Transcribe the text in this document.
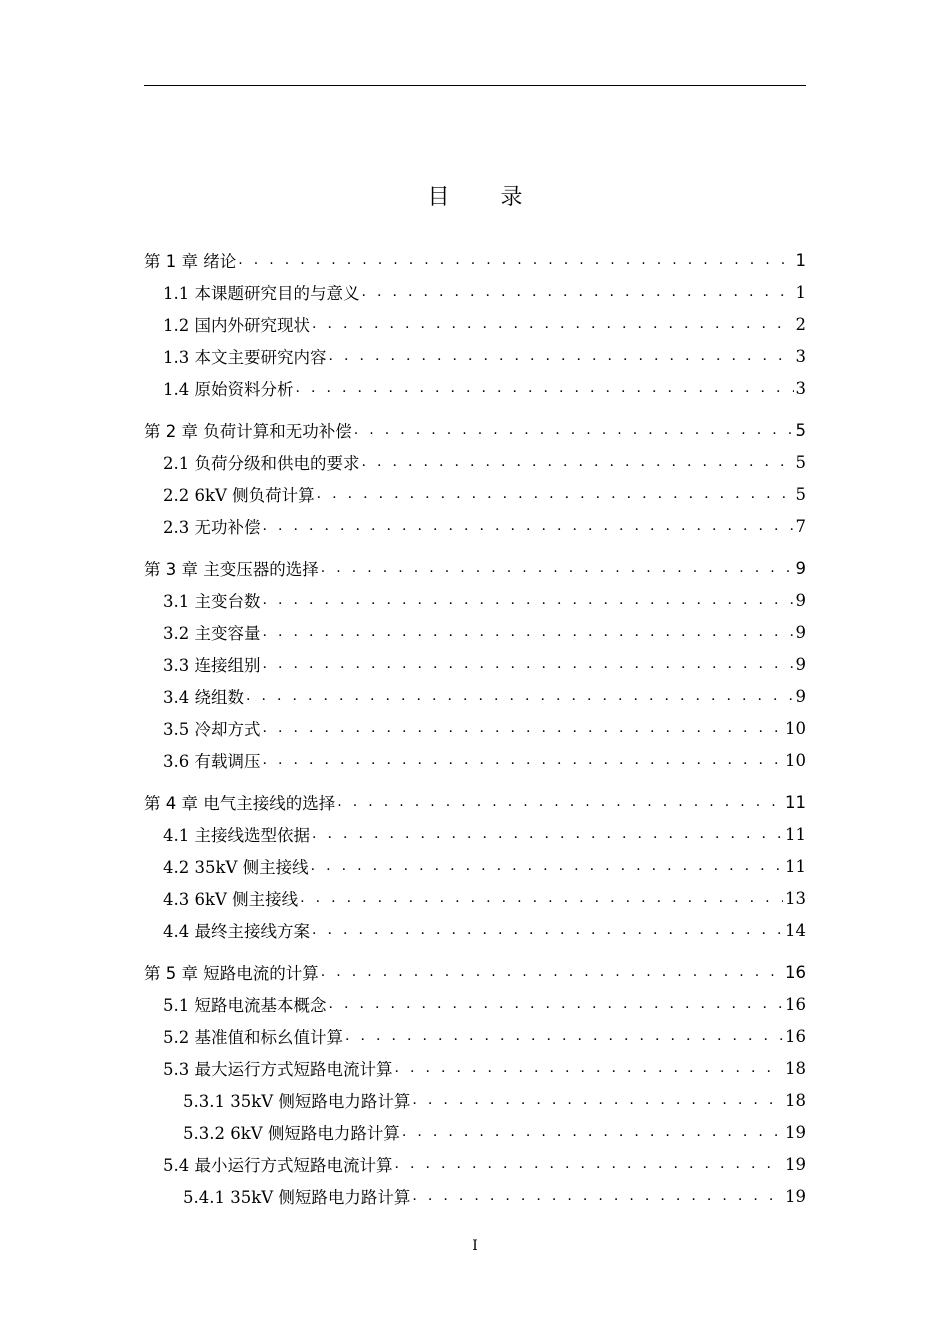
目 录
第 1 章 绪论 . . .	1
1.1 本课题研究目的与意义 . . .	1
1.2 国内外研究现状 . . .	2
1.3 本文主要研究内容 . . .	3
1.4 原始资料分析 . . .	3
第 2 章 负荷计算和无功补偿 . . .	5
2.1 负荷分级和供电的要求 . . .	5
2.2 6kV 侧负荷计算 . . .	5
2.3 无功补偿 . . .	7
第 3 章 主变压器的选择 . . .	9
3.1 主变台数 . . .	9
3.2 主变容量 . . .	9
3.3 连接组别 . . .	9
3.4 绕组数 . . .	9
3.5 冷却方式 . . .	10
3.6 有载调压 . . .	10
第 4 章 电气主接线的选择 . . .	11
4.1 主接线选型依据 . . .	11
4.2 35kV 侧主接线 . . .	11
4.3 6kV 侧主接线 . . .	13
4.4 最终主接线方案 . . .	14
第 5 章 短路电流的计算 . . .	16
5.1 短路电流基本概念 . . .	16
5.2 基准值和标幺值计算 . . .	16
5.3 最大运行方式短路电流计算 . . .	18
5.3.1 35kV 侧短路电力路计算 . . .	18
5.3.2 6kV 侧短路电力路计算 . . .	19
5.4 最小运行方式短路电流计算 . . .	19
5.4.1 35kV 侧短路电力路计算 . . .	19
I
